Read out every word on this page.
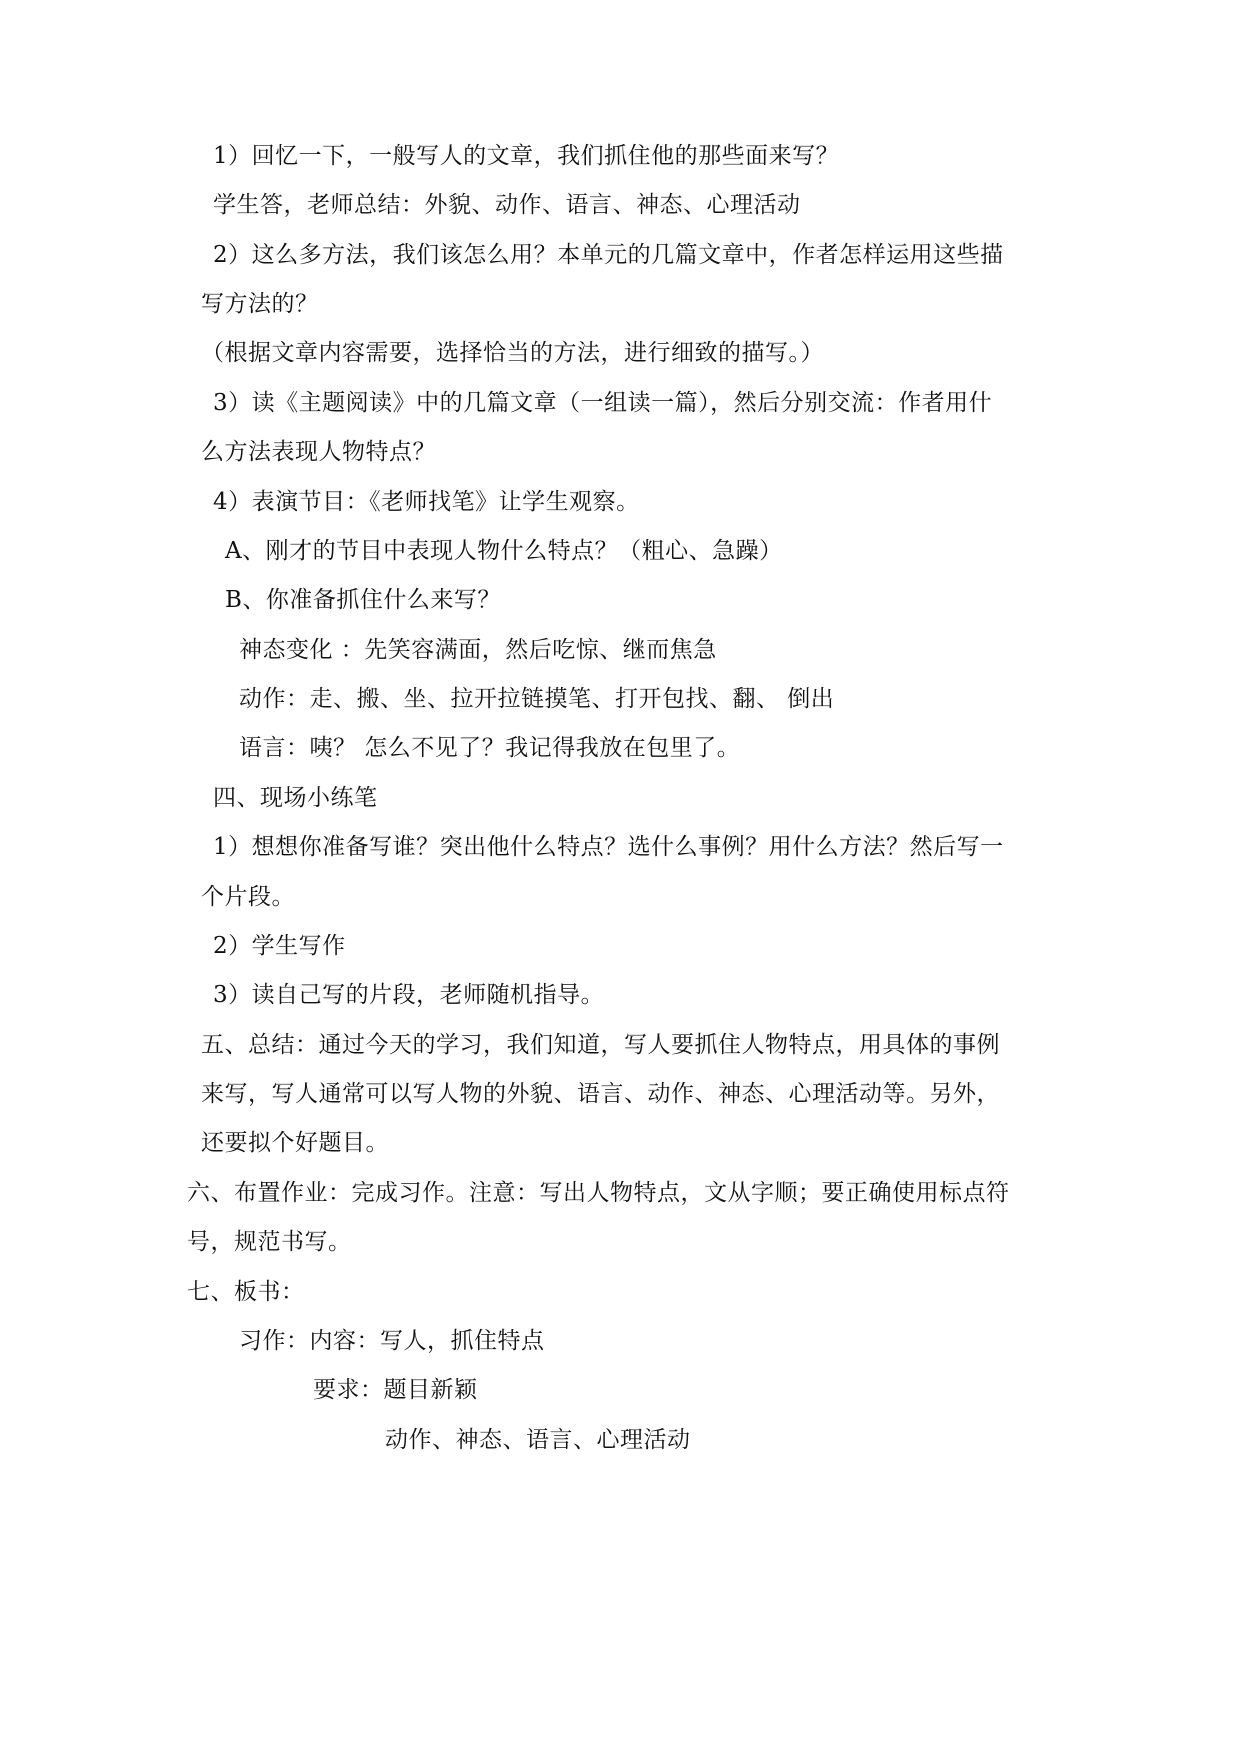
1）回忆一下，一般写人的文章，我们抓住他的那些面来写？
学生答，老师总结：外貌、动作、语言、神态、心理活动
2）这么多方法，我们该怎么用？本单元的几篇文章中，作者怎样运用这些描
写方法的？
（根据文章内容需要，选择恰当的方法，进行细致的描写。）
3）读《主题阅读》中的几篇文章（一组读一篇），然后分别交流：作者用什
么方法表现人物特点？
4）表演节目：《老师找笔》让学生观察。
A、刚才的节目中表现人物什么特点？（粗心、急躁）
B、你准备抓住什么来写？
神态变化 ：先笑容满面，然后吃惊、继而焦急
动作：走、搬、坐、拉开拉链摸笔、打开包找、翻、 倒出
语言：咦？ 怎么不见了？我记得我放在包里了。
四、现场小练笔
1）想想你准备写谁？突出他什么特点？选什么事例？用什么方法？然后写一
个片段。
2）学生写作
3）读自己写的片段，老师随机指导。
五、总结：通过今天的学习，我们知道，写人要抓住人物特点，用具体的事例
来写，写人通常可以写人物的外貌、语言、动作、神态、心理活动等。另外，
还要拟个好题目。
六、布置作业：完成习作。注意：写出人物特点，文从字顺；要正确使用标点符
号，规范书写。
七、板书：
习作：内容：写人，抓住特点
要求：题目新颖
动作、神态、语言、心理活动
